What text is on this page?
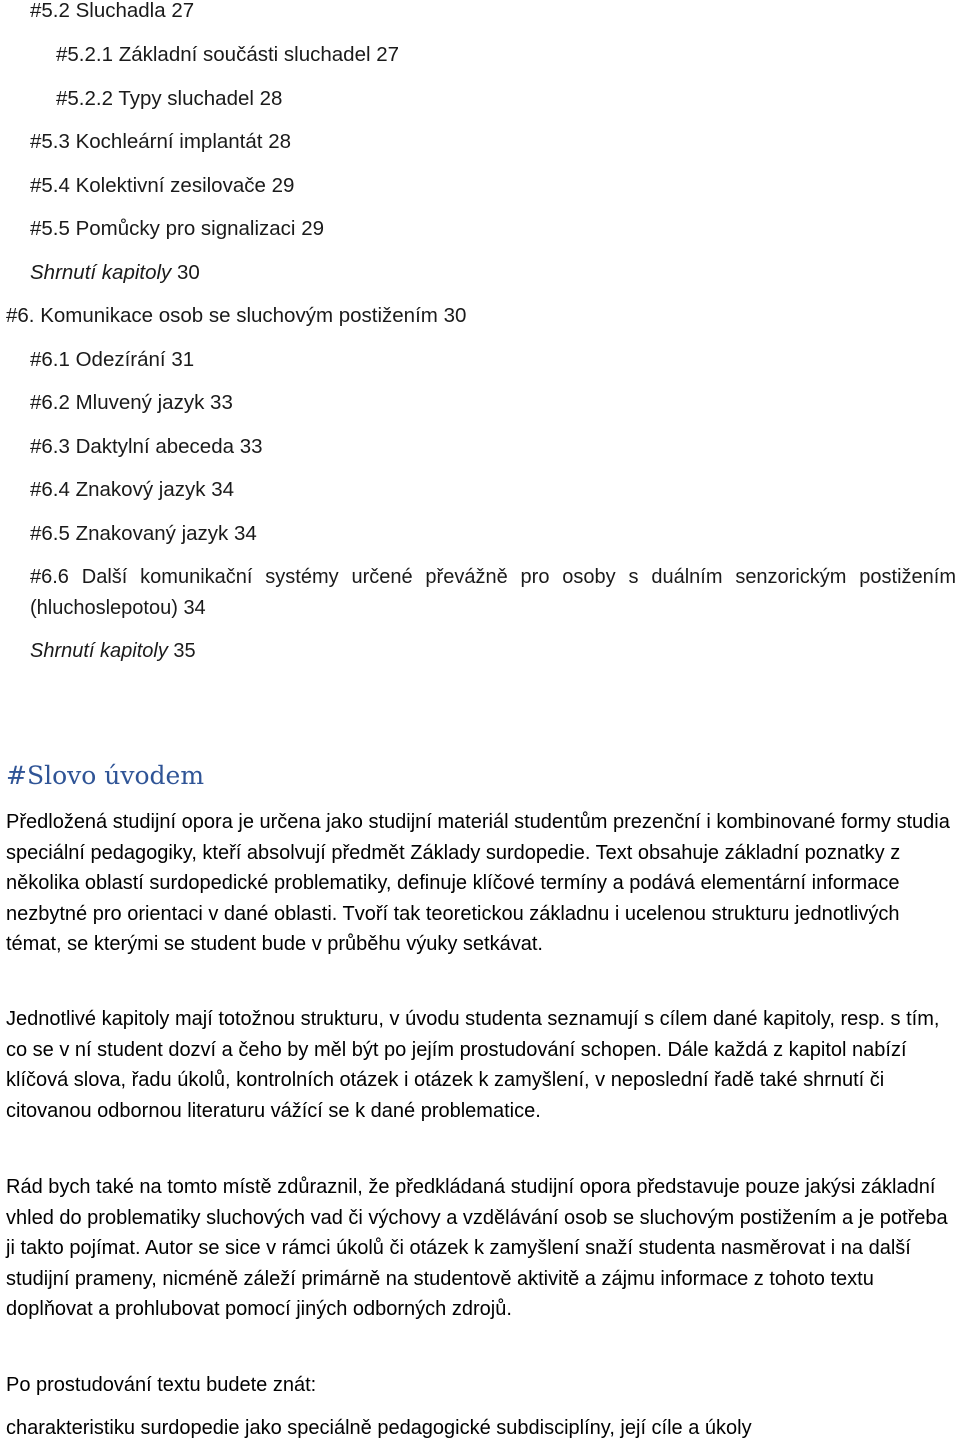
#5.2 Sluchadla 27
#5.2.1 Základní součásti sluchadel 27
#5.2.2 Typy sluchadel 28
#5.3 Kochleární implantát 28
#5.4 Kolektivní zesilovače 29
#5.5 Pomůcky pro signalizaci 29
Shrnutí kapitoly 30
#6. Komunikace osob se sluchovým postižením 30
#6.1 Odezírání 31
#6.2 Mluvený jazyk 33
#6.3 Daktylní abeceda 33
#6.4 Znakový jazyk 34
#6.5 Znakovaný jazyk 34
#6.6 Další komunikační systémy určené převážně pro osoby s duálním senzorickým postižením (hluchoslepotou) 34
Shrnutí kapitoly 35
#Slovo úvodem

Předložená studijní opora je určena jako studijní materiál studentům prezenční i kombinované formy studia speciální pedagogiky, kteří absolvují předmět Základy surdopedie. Text obsahuje základní poznatky z několika oblastí surdopedické problematiky, definuje klíčové termíny a podává elementární informace nezbytné pro orientaci v dané oblasti. Tvoří tak teoretickou základnu i ucelenou strukturu jednotlivých témat, se kterými se student bude v průběhu výuky setkávat.

Jednotlivé kapitoly mají totožnou strukturu, v úvodu studenta seznamují s cílem dané kapitoly, resp. s tím, co se v ní student dozví a čeho by měl být po jejím prostudování schopen. Dále každá z kapitol nabízí klíčová slova, řadu úkolů, kontrolních otázek i otázek k zamyšlení, v neposlední řadě také shrnutí či citovanou odbornou literaturu vážící se k dané problematice.

Rád bych také na tomto místě zdůraznil, že předkládaná studijní opora představuje pouze jakýsi základní vhled do problematiky sluchových vad či výchovy a vzdělávání osob se sluchovým postižením a je potřeba ji takto pojímat. Autor se sice v rámci úkolů či otázek k zamyšlení snaží studenta nasměrovat i na další studijní prameny, nicméně záleží primárně na studentově aktivitě a zájmu informace z tohoto textu doplňovat a prohlubovat pomocí jiných odborných zdrojů.

Po prostudování textu budete znát:

charakteristiku surdopedie jako speciálně pedagogické subdisciplíny, její cíle a úkoly
